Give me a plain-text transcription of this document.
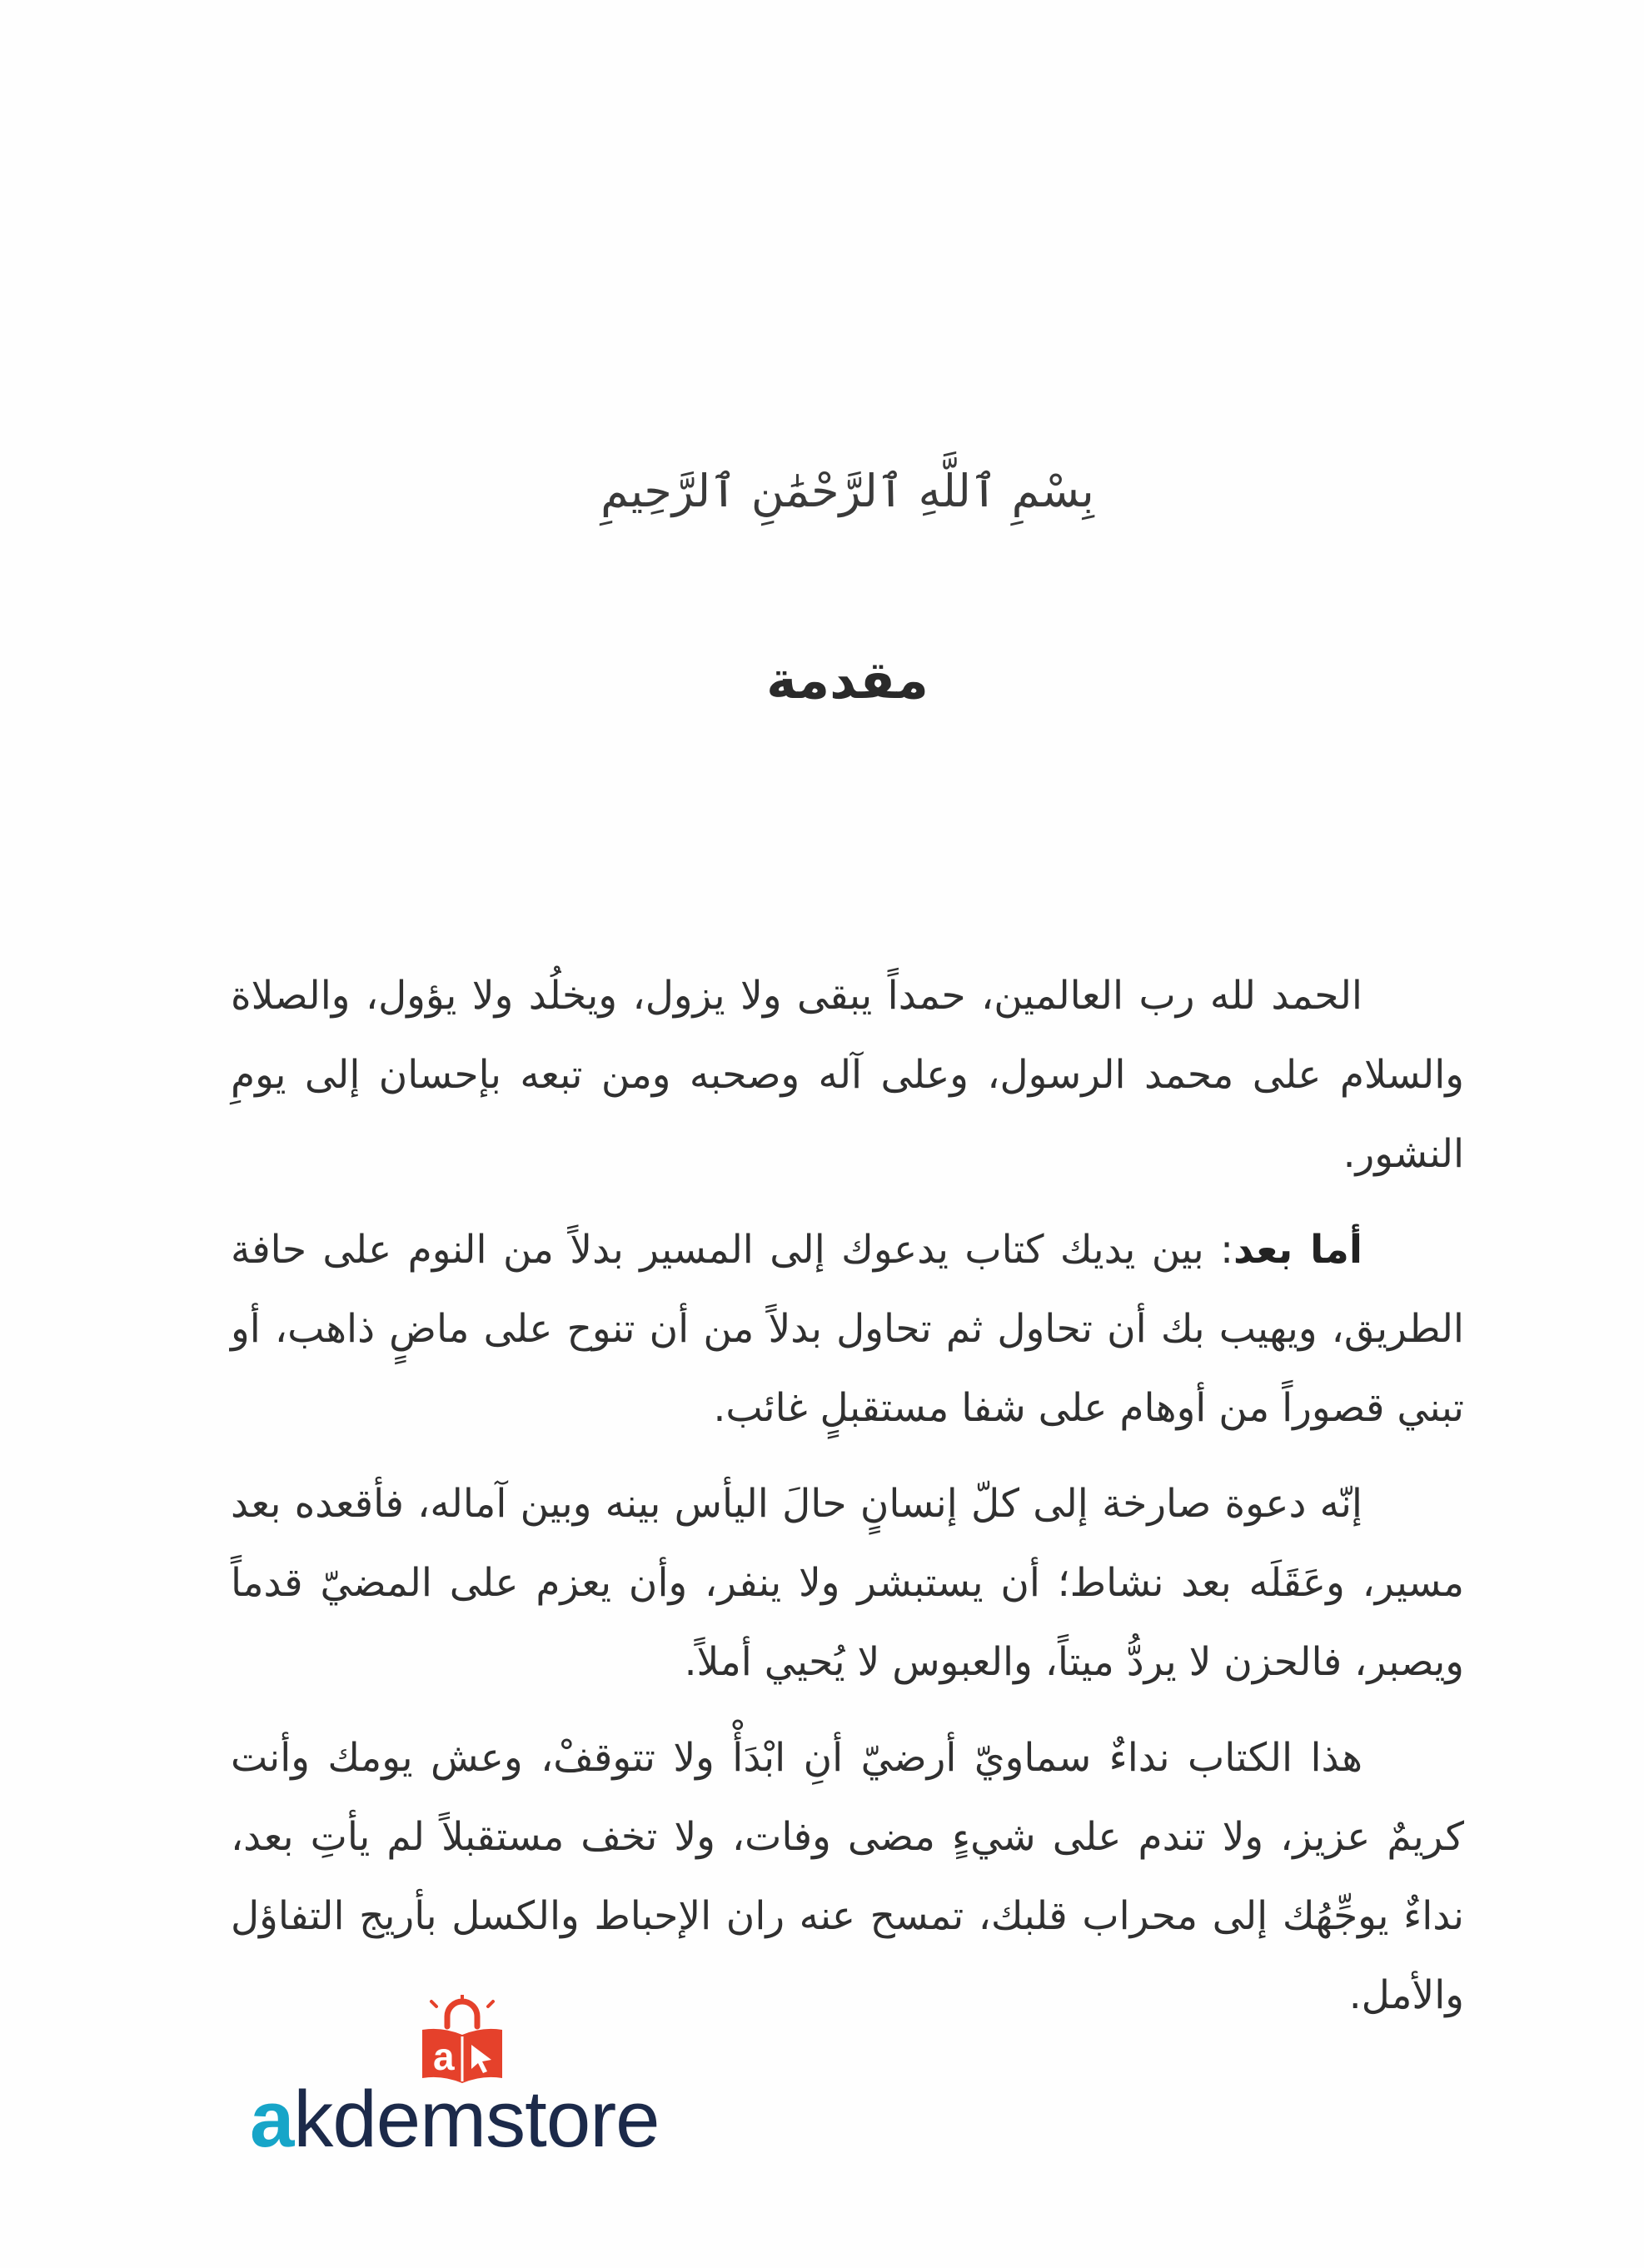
بِسْمِ ٱللَّهِ ٱلرَّحْمَٰنِ ٱلرَّحِيمِ
مقدمة

الحمد لله رب العالمين، حمداً يبقى ولا يزول، ويخلُد ولا يؤول، والصلاة والسلام على محمد الرسول، وعلى آله وصحبه ومن تبعه بإحسان إلى يومِ النشور.

أما بعد: بين يديك كتاب يدعوك إلى المسير بدلاً من النوم على حافة الطريق، ويهيب بك أن تحاول ثم تحاول بدلاً من أن تنوح على ماضٍ ذاهب، أو تبني قصوراً من أوهام على شفا مستقبلٍ غائب.

إنّه دعوة صارخة إلى كلّ إنسانٍ حالَ اليأس بينه وبين آماله، فأقعده بعد مسير، وعَقَلَه بعد نشاط؛ أن يستبشر ولا ينفر، وأن يعزم على المضيّ قدماً ويصبر، فالحزن لا يردُّ ميتاً، والعبوس لا يُحيي أملاً.

هذا الكتاب نداءٌ سماويّ أرضيّ أنِ ابْدَأْ ولا تتوقفْ، وعش يومك وأنت كريمٌ عزيز، ولا تندم على شيءٍ مضى وفات، ولا تخف مستقبلاً لم يأتِ بعد، نداءٌ يوجِّهُك إلى محراب قلبك، تمسح عنه ران الإحباط والكسل بأريج التفاؤل والأمل.

a
akdemstore
